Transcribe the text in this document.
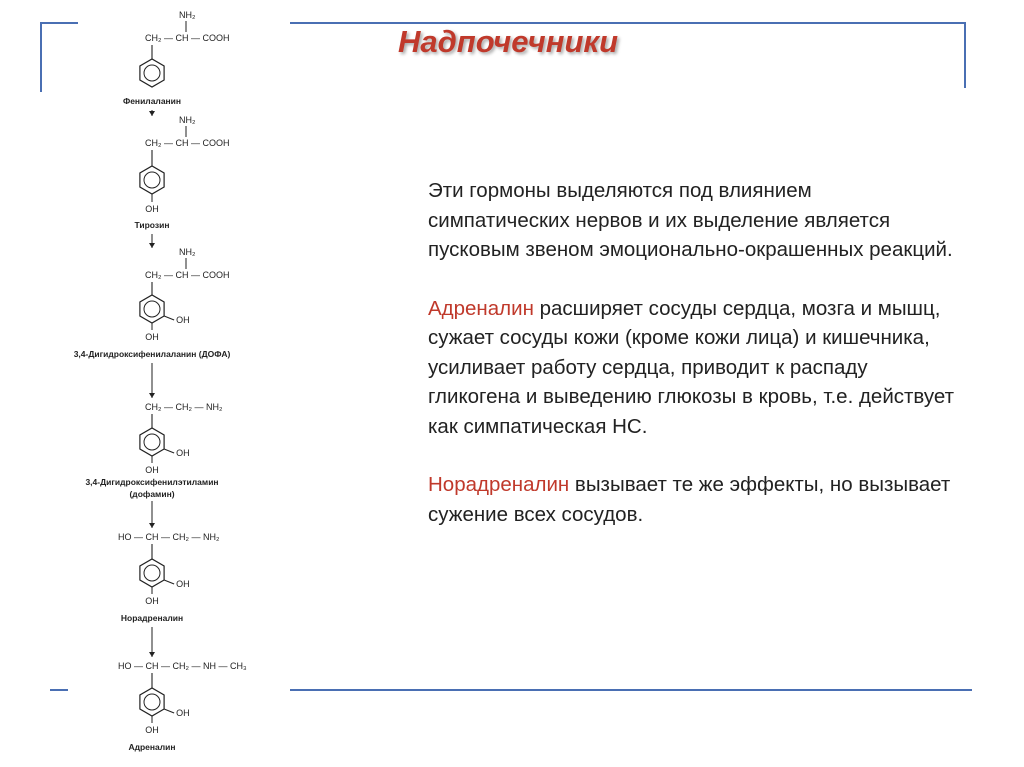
Надпочечники

Эти гормоны выделяются под влиянием симпатических нервов и их выделение является пусковым звеном эмоционально-окрашенных реакций.

Адреналин расширяет сосуды сердца, мозга и мышц, сужает сосуды кожи (кроме кожи лица) и кишечника, усиливает работу сердца, приводит к распаду гликогена и выведению глюкозы в кровь, т.е. действует как симпатическая НС.

Норадреналин вызывает те же эффекты, но вызывает сужение всех сосудов.

CH₂ — CH — COOH
NH₂
Фенилаланин
CH₂ — CH — COOH
NH₂
OH
Тирозин
CH₂ — CH — COOH
NH₂
OH
OH
3,4-Дигидроксифенилаланин (ДОФА)
CH₂ — CH₂ — NH₂
OH
OH
3,4-Дигидроксифенилэтиламин
(дофамин)
HO — CH — CH₂ — NH₂
OH
OH
Норадреналин
HO — CH — CH₂ — NH — CH₃
OH
OH
Адреналин
